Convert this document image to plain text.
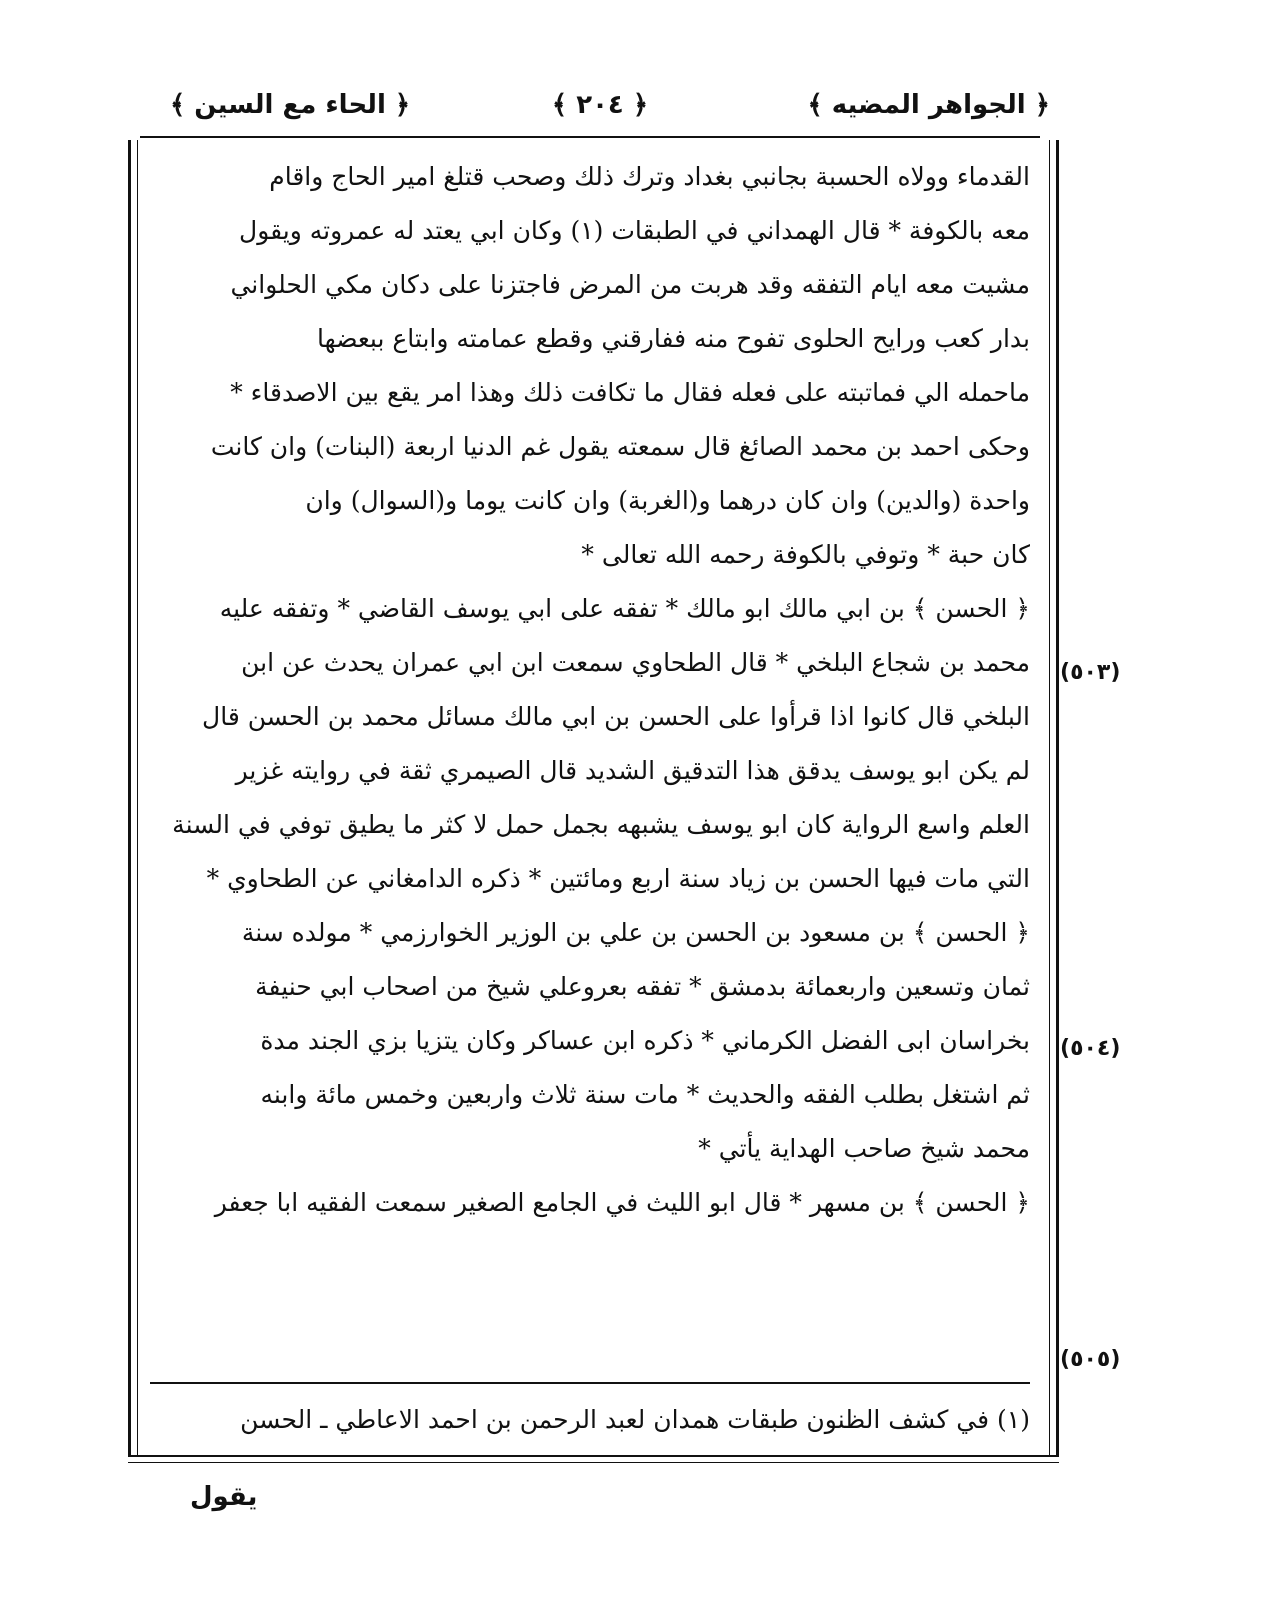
﴿ الجواهر المضيه ﴾
﴿ ٢٠٤ ﴾
﴿ الحاء مع السين ﴾
القدماء وولاه الحسبة بجانبي بغداد وترك ذلك وصحب قتلغ امير الحاج واقام
معه بالكوفة * قال الهمداني في الطبقات (١) وكان ابي يعتد له عمروته ويقول
مشيت معه ايام التفقه وقد هربت من المرض فاجتزنا على دكان مكي الحلواني
بدار كعب ورايح الحلوى تفوح منه ففارقني وقطع عمامته وابتاع ببعضها
ماحمله الي فماتبته على فعله فقال ما تكافت ذلك وهذا امر يقع بين الاصدقاء *
وحكى احمد بن محمد الصائغ قال سمعته يقول غم الدنيا اربعة (البنات) وان كانت
واحدة (والدين) وان كان درهما و(الغربة) وان كانت يوما و(السوال) وان
كان حبة * وتوفي بالكوفة رحمه الله تعالى *
﴿ الحسن ﴾ بن ابي مالك ابو مالك * تفقه على ابي يوسف القاضي * وتفقه عليه
محمد بن شجاع البلخي * قال الطحاوي سمعت ابن ابي عمران يحدث عن ابن
البلخي قال كانوا اذا قرأوا على الحسن بن ابي مالك مسائل محمد بن الحسن قال
لم يكن ابو يوسف يدقق هذا التدقيق الشديد قال الصيمري ثقة في روايته غزير
العلم واسع الرواية كان ابو يوسف يشبهه بجمل حمل لا كثر ما يطيق توفي في السنة
التي مات فيها الحسن بن زياد سنة اربع ومائتين * ذكره الدامغاني عن الطحاوي *
﴿ الحسن ﴾ بن مسعود بن الحسن بن علي بن الوزير الخوارزمي * مولده سنة
ثمان وتسعين واربعمائة بدمشق * تفقه بعروعلي شيخ من اصحاب ابي حنيفة
بخراسان ابى الفضل الكرماني * ذكره ابن عساكر وكان يتزيا بزي الجند مدة
ثم اشتغل بطلب الفقه والحديث * مات سنة ثلاث واربعين وخمس مائة وابنه
محمد شيخ صاحب الهداية يأتي *
﴿ الحسن ﴾ بن مسهر * قال ابو الليث في الجامع الصغير سمعت الفقيه ابا جعفر
(٥٠٣)
(٥٠٤)
(٥٠٥)
(١) في كشف الظنون طبقات همدان لعبد الرحمن بن احمد الاعاطي ـ الحسن
يقول
